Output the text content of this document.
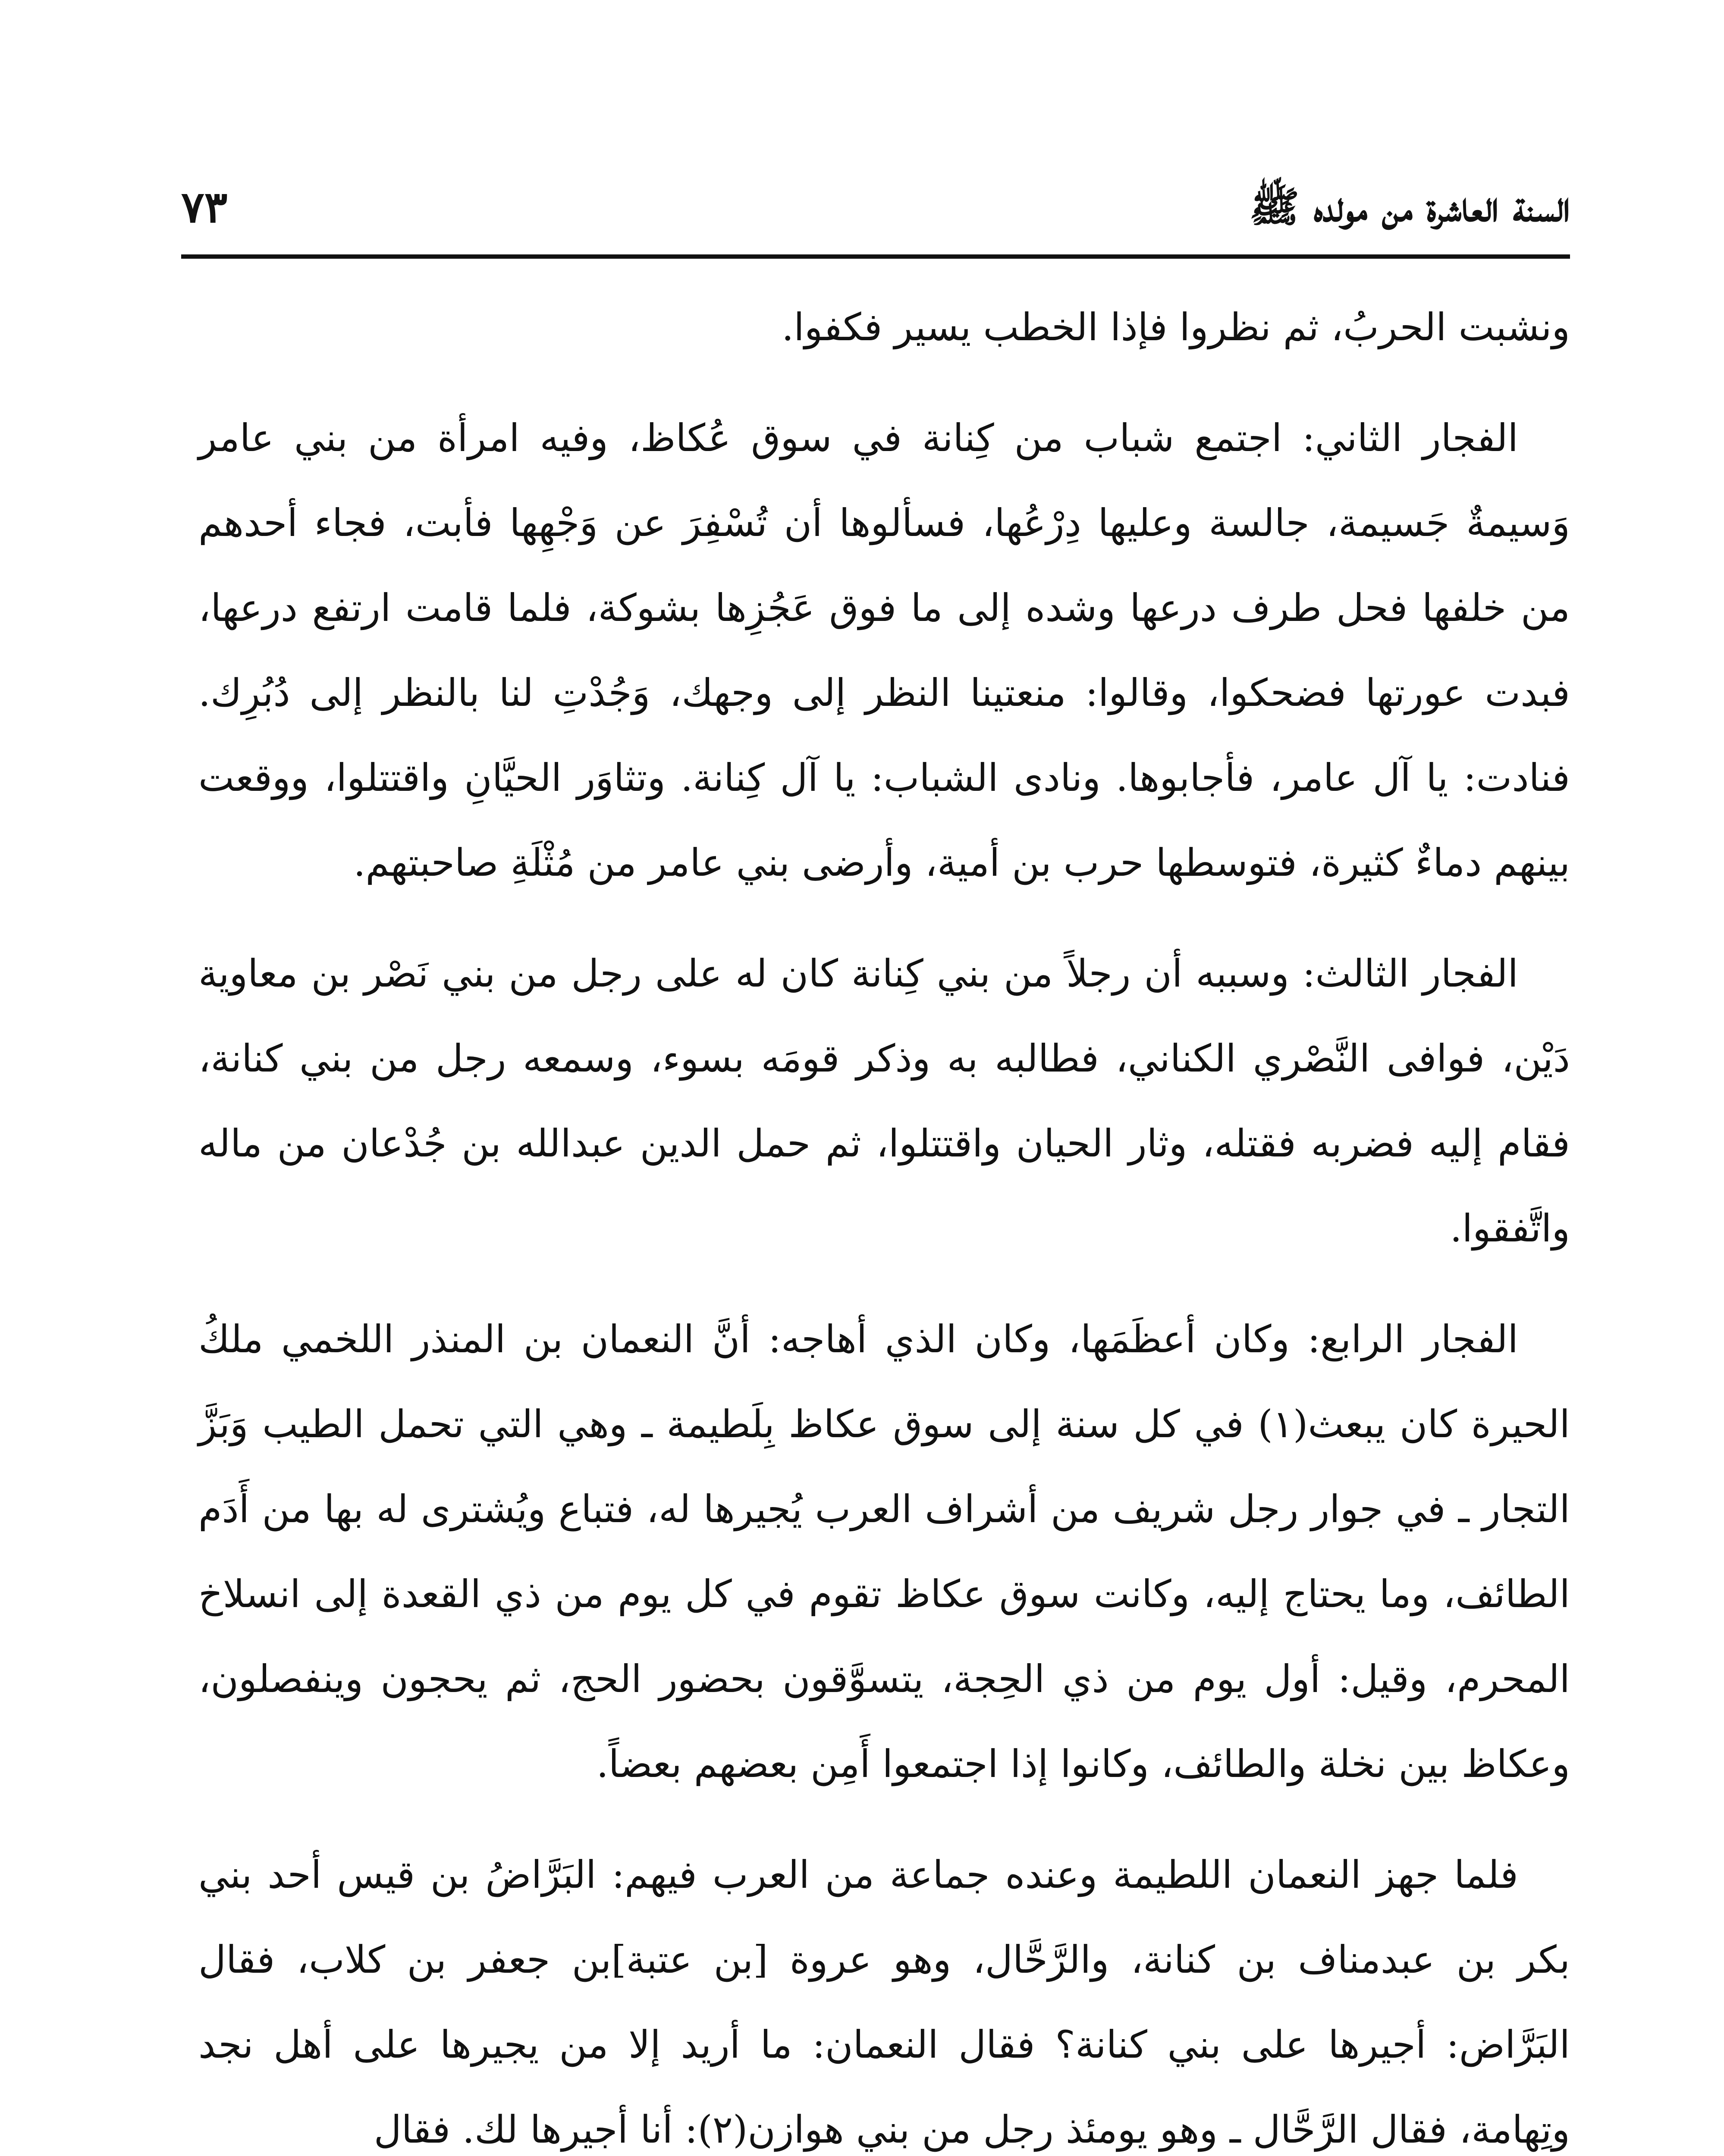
السنة العاشرة من مولده ﷺ
٧٣

ونشبت الحربُ، ثم نظروا فإذا الخطب يسير فكفوا.

الفجار الثاني: اجتمع شباب من كِنانة في سوق عُكاظ، وفيه امرأة من بني عامر وَسيمةٌ جَسيمة، جالسة وعليها دِرْعُها، فسألوها أن تُسْفِرَ عن وَجْهِها فأبت، فجاء أحدهم من خلفها فحل طرف درعها وشده إلى ما فوق عَجُزِها بشوكة، فلما قامت ارتفع درعها، فبدت عورتها فضحكوا، وقالوا: منعتينا النظر إلى وجهك، وَجُدْتِ لنا بالنظر إلى دُبُرِك. فنادت: يا آل عامر، فأجابوها. ونادى الشباب: يا آل كِنانة. وتثاوَر الحيَّانِ واقتتلوا، ووقعت بينهم دماءٌ كثيرة، فتوسطها حرب بن أمية، وأرضى بني عامر من مُثْلَةِ صاحبتهم.

الفجار الثالث: وسببه أن رجلاً من بني كِنانة كان له على رجل من بني نَصْر بن معاوية دَيْن، فوافى النَّصْري الكناني، فطالبه به وذكر قومَه بسوء، وسمعه رجل من بني كنانة، فقام إليه فضربه فقتله، وثار الحيان واقتتلوا، ثم حمل الدين عبدالله بن جُدْعان من ماله واتَّفقوا.

الفجار الرابع: وكان أعظَمَها، وكان الذي أهاجه: أنَّ النعمان بن المنذر اللخمي ملكُ الحيرة كان يبعث(١) في كل سنة إلى سوق عكاظ بِلَطيمة ـ وهي التي تحمل الطيب وَبَزَّ التجار ـ في جوار رجل شريف من أشراف العرب يُجيرها له، فتباع ويُشترى له بها من أَدَم الطائف، وما يحتاج إليه، وكانت سوق عكاظ تقوم في كل يوم من ذي القعدة إلى انسلاخ المحرم، وقيل: أول يوم من ذي الحِجة، يتسوَّقون بحضور الحج، ثم يحجون وينفصلون، وعكاظ بين نخلة والطائف، وكانوا إذا اجتمعوا أَمِن بعضهم بعضاً.

فلما جهز النعمان اللطيمة وعنده جماعة من العرب فيهم: البَرَّاضُ بن قيس أحد بني بكر بن عبدمناف بن كنانة، والرَّحَّال، وهو عروة [بن عتبة]بن جعفر بن كلاب، فقال البَرَّاض: أجيرها على بني كنانة؟ فقال النعمان: ما أريد إلا من يجيرها على أهل نجد وتِهامة، فقال الرَّحَّال ـ وهو يومئذ رجل من بني هوازن(٢): أنا أجيرها لك. فقال
